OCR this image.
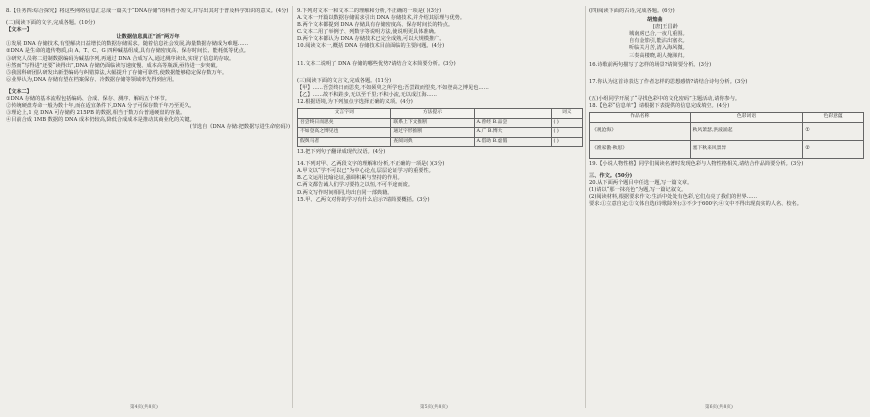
8.【任务四:综合探究】将这些网络信息汇总成一篇关于“DNA存储”的科普小短文,并写出其对于普及科学知识的意义。(4分)

(二)阅读下面的文字,完成各题。(10分)

【文本一】

让数据信息真正“活”两万年

①发展 DNA 存储技术,有望解决日益增长的数据存储需求。随着信息社会发展,海量数据存储成为难题……

②DNA 是生命的遗传物质,由 A、T、C、G 四种碱基组成,具有存储密度高、保存时间长、能耗低等优点。

③研究人员将二进制数据编码为碱基序列,再通过 DNA 合成写入,通过测序读出,实现了信息的存取。

④然而“写得进”还要“读得出”,DNA 存储仍面临读写速度慢、成本高等瓶颈,亟待进一步突破。

⑤我国科研团队研发出新型编码与纠错算法,大幅提升了存储可靠性,使数据能够稳定保存数万年。

⑥业界认为,DNA 存储有望在档案保存、冷数据存储等领域率先得到应用。

【文本二】

①DNA 存储的基本流程包括编码、合成、保存、测序、解码五个环节。

②传统硬盘寿命一般为数十年,而在适宜条件下,DNA 分子可保存数千年乃至更久。

③理论上,1 克 DNA 可存储约 215PB 的数据,相当于数万台普通硬盘的容量。

④目前合成 1MB 数据的 DNA 成本仍较高,降低合成成本是推动其商业化的关键。

(节选自《DNA 存储:把数据写进生命密码》)

第4页(共8页)

9.下列对文本一和文本二的理解和分析,不正确的一项是( )(3分)

A.文本一开篇以数据存储需求引出 DNA 存储技术,并介绍其原理与优势。

B.两个文本都提到 DNA 存储具有存储密度高、保存时间长的特点。

C.文本二用了举例子、列数字等说明方法,使说明更具体准确。

D.两个文本都认为 DNA 存储技术已完全成熟,可以大规模推广。

10.阅读文本一,概括 DNA 存储技术目前面临的主要问题。(4分)

11.文本二说明了 DNA 存储的哪些优势?请结合文本简要分析。(3分)

(三)阅读下面的文言文,完成各题。(11分)

【甲】……吾尝终日而思矣,不如须臾之所学也;吾尝跂而望矣,不如登高之博见也……

【乙】……故不积跬步,无以至千里;不积小流,无以成江海……

12.根据语境,为下列加点字选择正确的义项。(4分)

文言字词	方法提示		词义
吾尝终日而思矣	联系上下文推断	A.曾经 B.品尝	( )
不如登高之博见也	通过字形推断	A.广 B.博大	( )
假舆马者	查阅词典	A.借助 B.虚假	( )

13.把下列句子翻译成现代汉语。(4分)

14.下列对甲、乙两段文字的理解和分析,不正确的一项是( )(3分)

A.甲文以“学不可以已”为中心论点,层层论证学习的重要性。

B.乙文运用比喻论证,强调积累与坚持的作用。

C.两文都告诫人们学习要持之以恒,不可半途而废。

D.两文写作时间相同,均出自同一部典籍。

15.甲、乙两文对你的学习有什么启示?请简要概括。(3分)

第5页(共8页)

(四)阅读下面的古诗,完成各题。(6分)

胡笳曲

[唐]王昌龄

城南虏已合,一夜几重围。

自有金笳引,能沾出塞衣。

听临关月苦,清入海风微。

三奏高楼晓,胡人掩涕归。

16.诗歌前两句描写了怎样的场景?请简要分析。(3分)

17.你认为这首诗表达了作者怎样的思想感情?请结合诗句分析。(3分)

(五)小组同学开展了“寻找色彩中的文化密码”主题活动,请你参与。

18.【色彩“信息单”】请根据下表提供的信息完成填空。(4分)

作品名称	色彩词语	色彩意蕴
《观沧海》	秋风萧瑟,洪波涌起	①
《渔家傲·秋思》	塞下秋来风景异	②

19.【小说人物性格】同学们阅读名著时发现色彩与人物性格相关,请结合作品简要分析。(3分)

三、作文。(50分)

20.从下面两个题目中任选一题,写一篇文章。

(1)请以“那一抹亮色”为题,写一篇记叙文。

(2)阅读材料,根据要求作文:生活中处处有色彩,它们点亮了我们的世界……

要求:①立意自定;②文体自选(诗歌除外);③不少于600字;④文中不得出现真实的人名、校名。

第6页(共8页)
